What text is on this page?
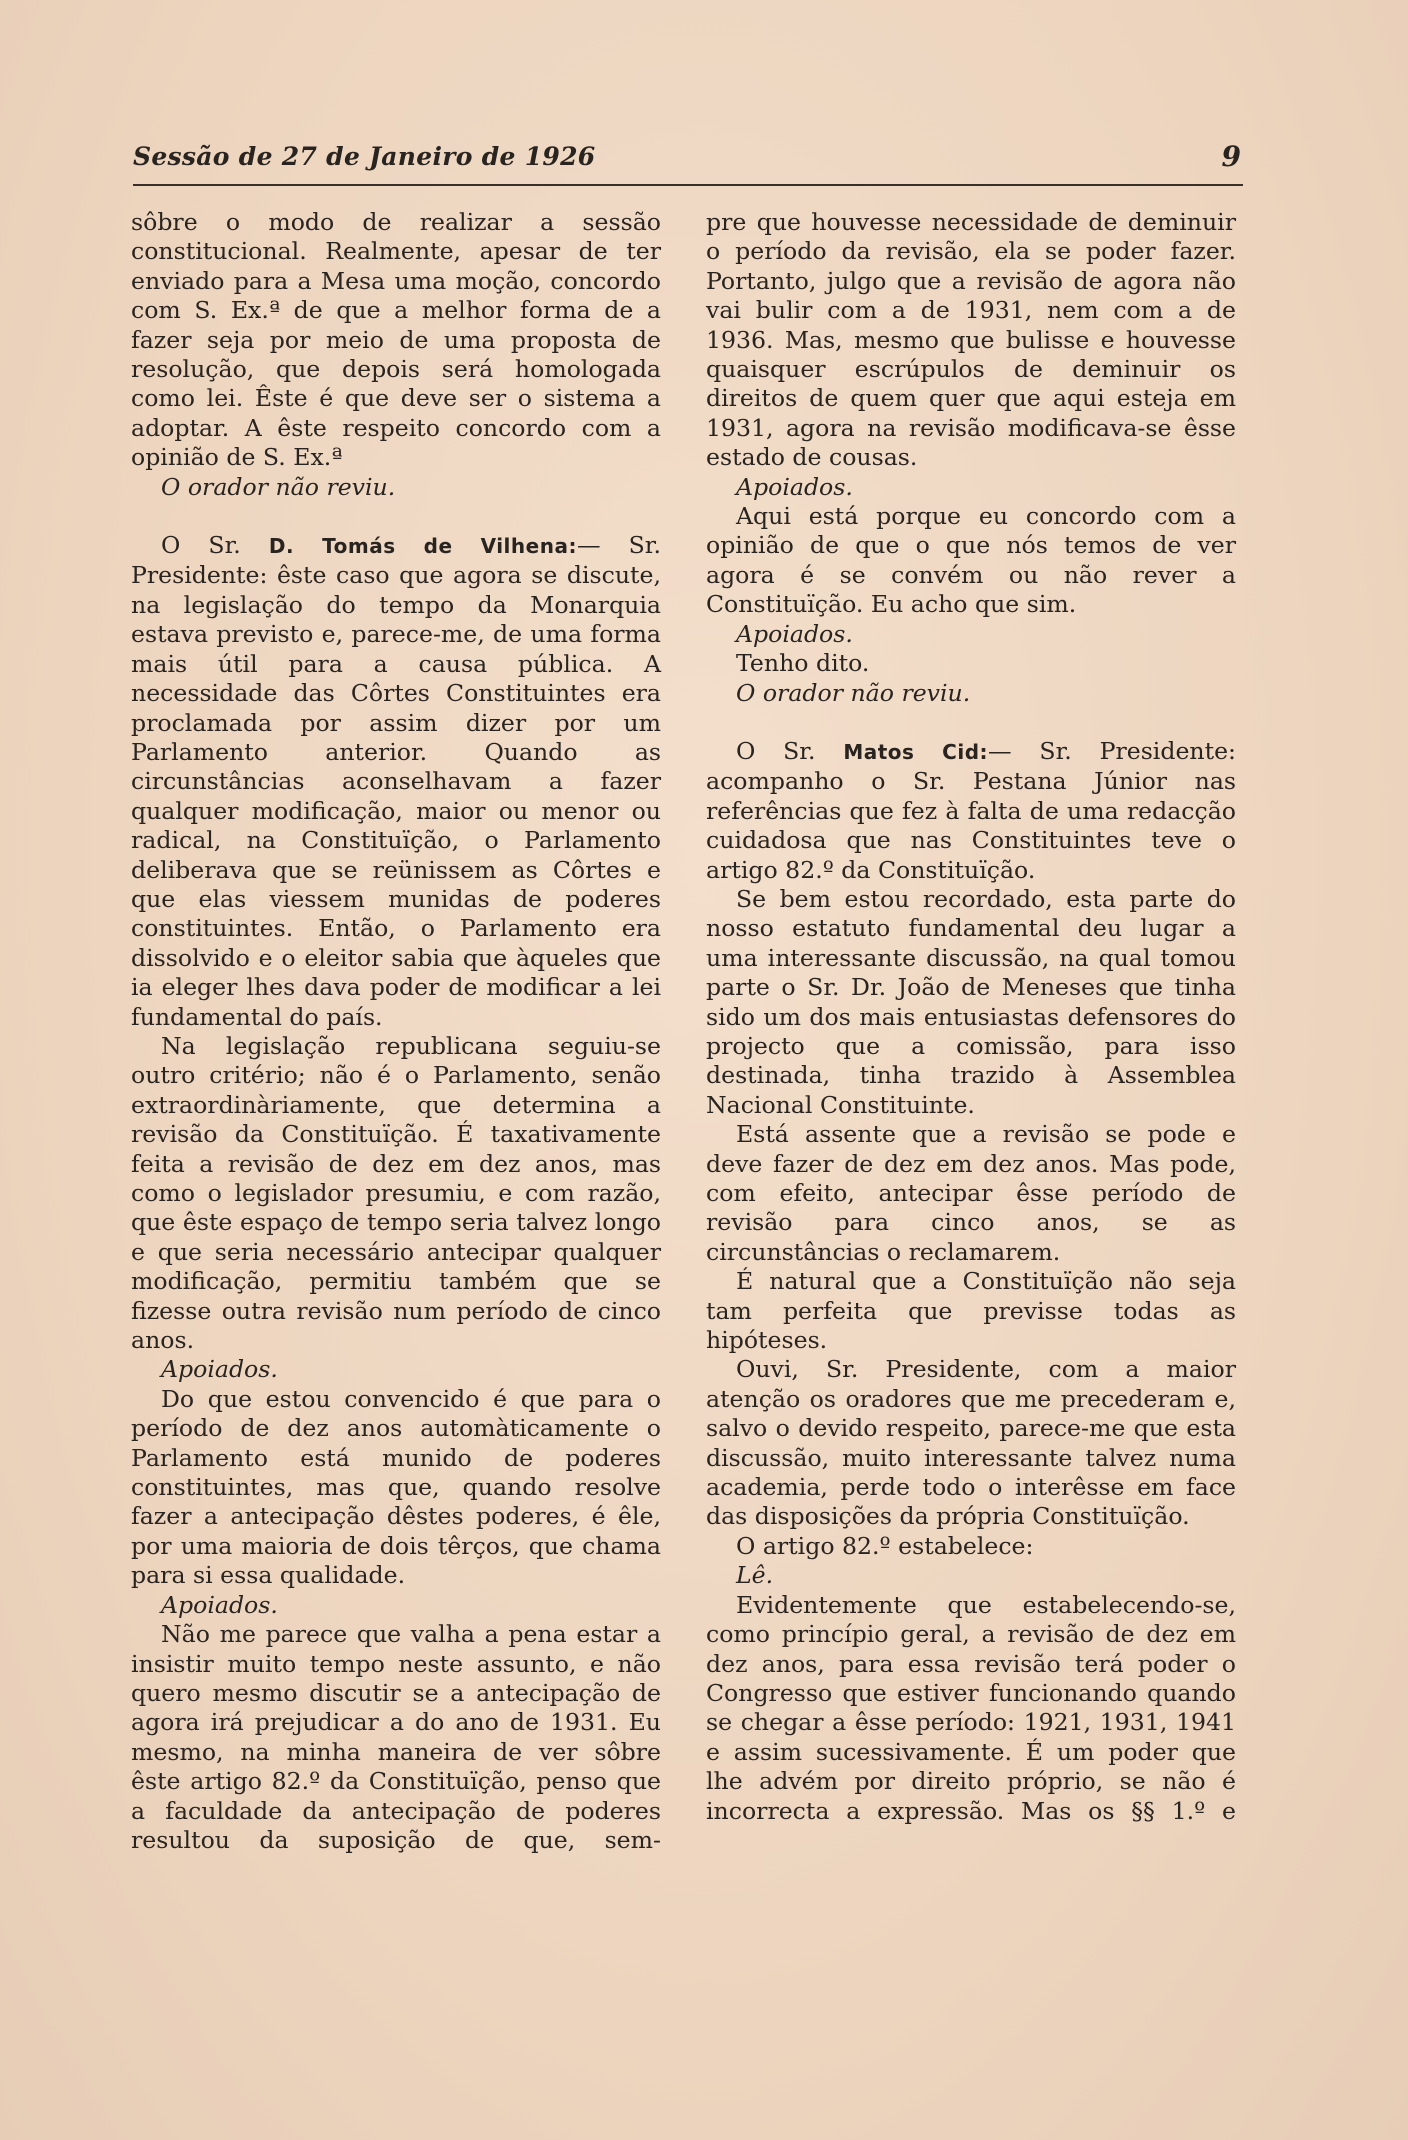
Sessão de 27 de Janeiro de 1926	9

sôbre o modo de realizar a sessão constitucional. Realmente, apesar de ter enviado para a Mesa uma moção, concordo com S. Ex.ª de que a melhor forma de a fazer seja por meio de uma proposta de resolução, que depois será homologada como lei. Êste é que deve ser o sistema a adoptar. A êste respeito concordo com a opinião de S. Ex.ª

O orador não reviu.

O Sr. D. Tomás de Vilhena:— Sr. Presidente: êste caso que agora se discute, na legislação do tempo da Monarquia estava previsto e, parece-me, de uma forma mais útil para a causa pública. A necessidade das Côrtes Constituintes era proclamada por assim dizer por um Parlamento anterior. Quando as circunstâncias aconselhavam a fazer qualquer modificação, maior ou menor ou radical, na Constituïção, o Parlamento deliberava que se reünissem as Côrtes e que elas viessem munidas de poderes constituintes. Então, o Parlamento era dissolvido e o eleitor sabia que àqueles que ia eleger lhes dava poder de modificar a lei fundamental do país.

Na legislação republicana seguiu-se outro critério; não é o Parlamento, senão extraordinàriamente, que determina a revisão da Constituïção. É taxativamente feita a revisão de dez em dez anos, mas como o legislador presumiu, e com razão, que êste espaço de tempo seria talvez longo e que seria necessário antecipar qualquer modificação, permitiu também que se fizesse outra revisão num período de cinco anos.

Apoiados.

Do que estou convencido é que para o período de dez anos automàticamente o Parlamento está munido de poderes constituintes, mas que, quando resolve fazer a antecipação dêstes poderes, é êle, por uma maioria de dois têrços, que chama para si essa qualidade.

Apoiados.

Não me parece que valha a pena estar a insistir muito tempo neste assunto, e não quero mesmo discutir se a antecipação de agora irá prejudicar a do ano de 1931. Eu mesmo, na minha maneira de ver sôbre êste artigo 82.º da Constituïção, penso que a faculdade da antecipação de poderes resultou da suposição de que, sem-

pre que houvesse necessidade de deminuir o período da revisão, ela se poder fazer. Portanto, julgo que a revisão de agora não vai bulir com a de 1931, nem com a de 1936. Mas, mesmo que bulisse e houvesse quaisquer escrúpulos de deminuir os direitos de quem quer que aqui esteja em 1931, agora na revisão modificava-se êsse estado de cousas.

Apoiados.

Aqui está porque eu concordo com a opinião de que o que nós temos de ver agora é se convém ou não rever a Constituïção. Eu acho que sim.

Apoiados.

Tenho dito.

O orador não reviu.

O Sr. Matos Cid:— Sr. Presidente: acompanho o Sr. Pestana Júnior nas referências que fez à falta de uma redacção cuidadosa que nas Constituintes teve o artigo 82.º da Constituïção.

Se bem estou recordado, esta parte do nosso estatuto fundamental deu lugar a uma interessante discussão, na qual tomou parte o Sr. Dr. João de Meneses que tinha sido um dos mais entusiastas defensores do projecto que a comissão, para isso destinada, tinha trazido à Assemblea Nacional Constituinte.

Está assente que a revisão se pode e deve fazer de dez em dez anos. Mas pode, com efeito, antecipar êsse período de revisão para cinco anos, se as circunstâncias o reclamarem.

É natural que a Constituïção não seja tam perfeita que previsse todas as hipóteses.

Ouvi, Sr. Presidente, com a maior atenção os oradores que me precederam e, salvo o devido respeito, parece-me que esta discussão, muito interessante talvez numa academia, perde todo o interêsse em face das disposições da própria Constituïção.

O artigo 82.º estabelece:

Lê.

Evidentemente que estabelecendo-se, como princípio geral, a revisão de dez em dez anos, para essa revisão terá poder o Congresso que estiver funcionando quando se chegar a êsse período: 1921, 1931, 1941 e assim sucessivamente. É um poder que lhe advém por direito próprio, se não é incorrecta a expressão. Mas os §§ 1.º e
